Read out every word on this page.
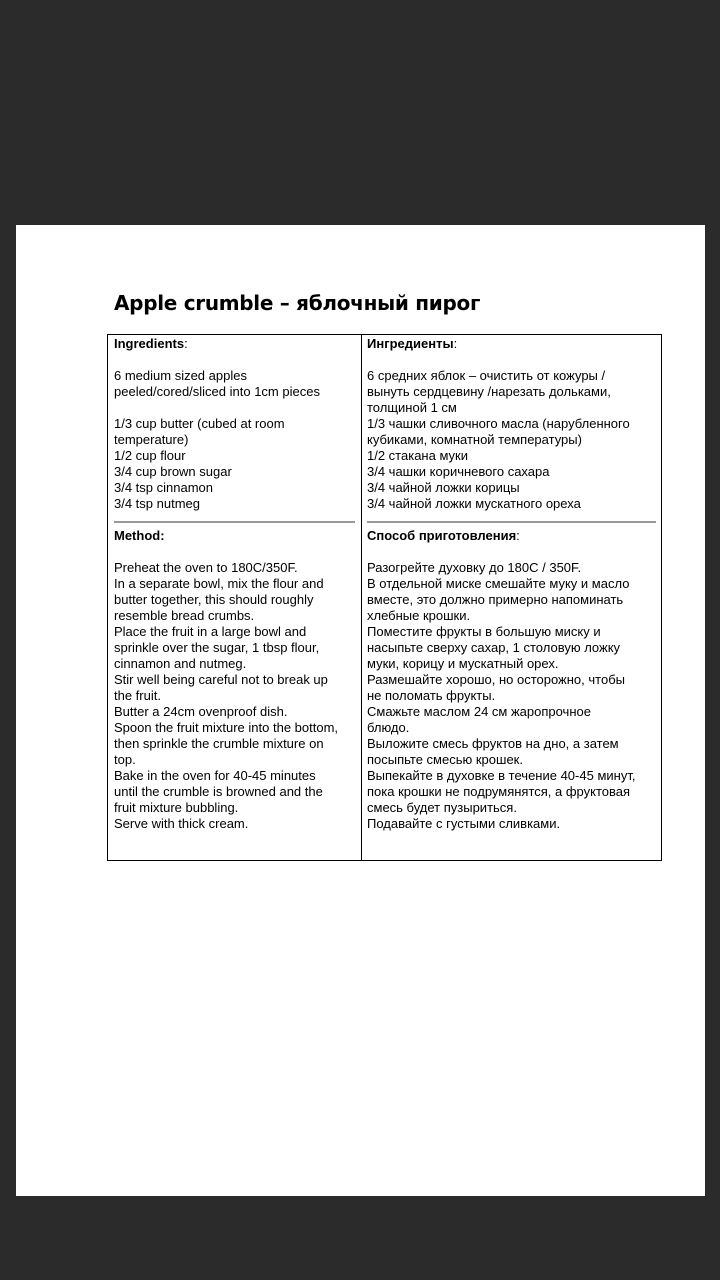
Apple crumble – яблочный пирог
Ingredients:
6 medium sized apples
peeled/cored/sliced into 1cm pieces
1/3 cup butter (cubed at room
temperature)
1/2 cup flour
3/4 cup brown sugar
3/4 tsp cinnamon
3/4 tsp nutmeg
Method:
Preheat the oven to 180C/350F.
In a separate bowl, mix the flour and
butter together, this should roughly
resemble bread crumbs.
Place the fruit in a large bowl and
sprinkle over the sugar, 1 tbsp flour,
cinnamon and nutmeg.
Stir well being careful not to break up
the fruit.
Butter a 24cm ovenproof dish.
Spoon the fruit mixture into the bottom,
then sprinkle the crumble mixture on
top.
Bake in the oven for 40-45 minutes
until the crumble is browned and the
fruit mixture bubbling.
Serve with thick cream.
Ингредиенты:
6 средних яблок – очистить от кожуры /
вынуть сердцевину /нарезать дольками,
толщиной 1 см
1/3 чашки сливочного масла (нарубленного
кубиками, комнатной температуры)
1/2 стакана муки
3/4 чашки коричневого сахара
3/4 чайной ложки корицы
3/4 чайной ложки мускатного ореха
Способ приготовления:
Разогрейте духовку до 180С / 350F.
В отдельной миске смешайте муку и масло
вместе, это должно примерно напоминать
хлебные крошки.
Поместите фрукты в большую миску и
насыпьте сверху сахар, 1 столовую ложку
муки, корицу и мускатный орех.
Размешайте хорошо, но осторожно, чтобы
не поломать фрукты.
Смажьте маслом 24 см жаропрочное
блюдо.
Выложите смесь фруктов на дно, а затем
посыпьте смесью крошек.
Выпекайте в духовке в течение 40-45 минут,
пока крошки не подрумянятся, а фруктовая
смесь будет пузыриться.
Подавайте с густыми сливками.
